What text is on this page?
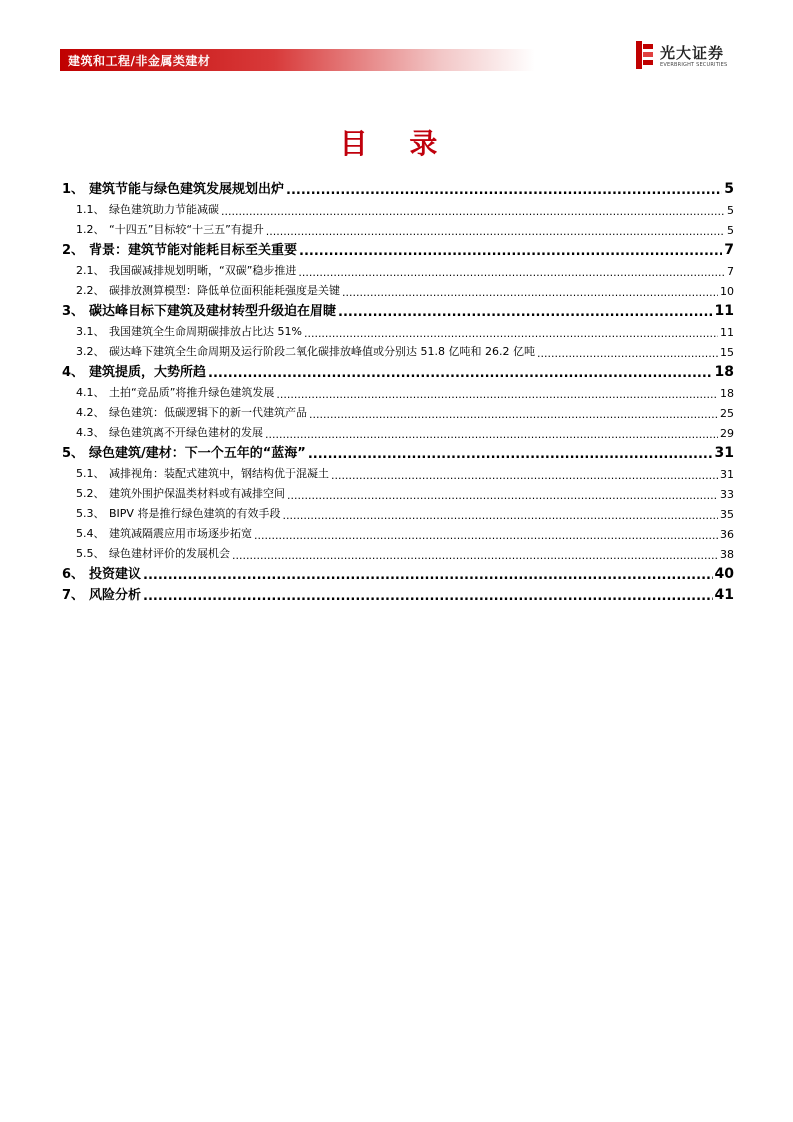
建筑和工程/非金属类建材	光大证券
EVERBRIGHT SECURITIES
目 录
1、 建筑节能与绿色建筑发展规划出炉 .....	5
1.1、 绿色建筑助力节能减碳 .....	5
1.2、 “十四五”目标较“十三五”有提升 .....	5
2、 背景：建筑节能对能耗目标至关重要 .....	7
2.1、 我国碳减排规划明晰，“双碳”稳步推进 .....	7
2.2、 碳排放测算模型：降低单位面积能耗强度是关键 .....	10
3、 碳达峰目标下建筑及建材转型升级迫在眉睫 .....	11
3.1、 我国建筑全生命周期碳排放占比达 51% .....	11
3.2、 碳达峰下建筑全生命周期及运行阶段二氧化碳排放峰值或分别达 51.8 亿吨和 26.2 亿吨 .....	15
4、 建筑提质，大势所趋 .....	18
4.1、 土拍“竞品质”将推升绿色建筑发展 .....	18
4.2、 绿色建筑：低碳逻辑下的新一代建筑产品 .....	25
4.3、 绿色建筑离不开绿色建材的发展 .....	29
5、 绿色建筑/建材：下一个五年的“蓝海” .....	31
5.1、 减排视角：装配式建筑中，钢结构优于混凝土 .....	31
5.2、 建筑外围护保温类材料或有减排空间 .....	33
5.3、 BIPV 将是推行绿色建筑的有效手段 .....	35
5.4、 建筑减隔震应用市场逐步拓宽 .....	36
5.5、 绿色建材评价的发展机会 .....	38
6、 投资建议 .....	40
7、 风险分析 .....	41
